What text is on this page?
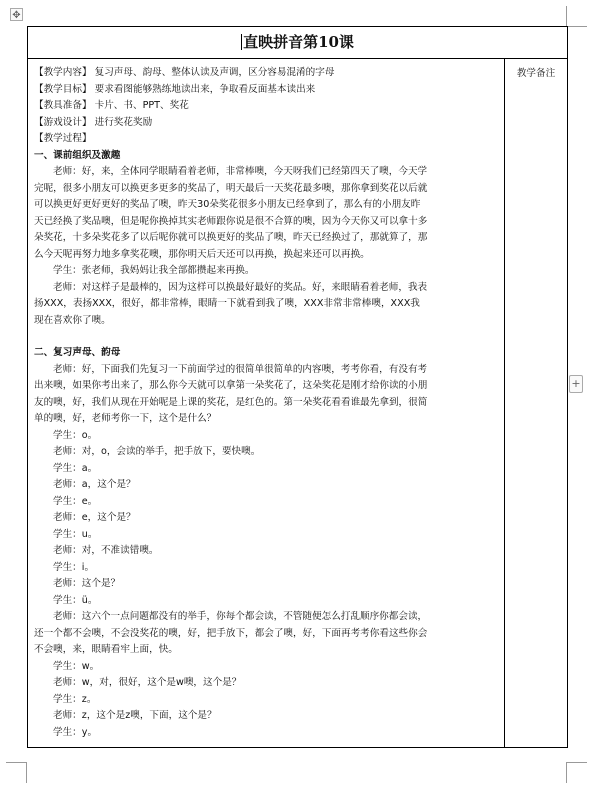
✥
+
直映拼音第10课
【教学内容】 复习声母、韵母、整体认读及声调，区分容易混淆的字母
【教学目标】 要求看图能够熟练地读出来，争取看反面基本读出来
【教具准备】 卡片、书、PPT、奖花
【游戏设计】 进行奖花奖励
【教学过程】
一、课前组织及激趣
老师：好，来，全体同学眼睛看着老师，非常棒噢，今天呀我们已经第四天了噢，今天学
完呢，很多小朋友可以换更多更多的奖品了，明天最后一天奖花最多噢，那你拿到奖花以后就
可以换更好更好更好的奖品了噢，昨天30朵奖花很多小朋友已经拿到了，那么有的小朋友昨
天已经换了奖品噢，但是呢你换掉其实老师跟你说是很不合算的噢，因为今天你又可以拿十多
朵奖花，十多朵奖花多了以后呢你就可以换更好的奖品了噢，昨天已经换过了，那就算了，那
么今天呢再努力地多拿奖花噢，那你明天后天还可以再换，换起来还可以再换。
学生：张老师，我妈妈让我全部都攒起来再换。
老师：对这样子是最棒的，因为这样可以换最好最好的奖品。好，来眼睛看着老师，我表
扬XXX，表扬XXX，很好，都非常棒，眼睛一下就看到我了噢，XXX非常非常棒噢，XXX我
现在喜欢你了噢。
二、复习声母、韵母
老师：好，下面我们先复习一下前面学过的很简单很简单的内容噢，考考你看，有没有考
出来噢，如果你考出来了，那么你今天就可以拿第一朵奖花了，这朵奖花是刚才给你读的小朋
友的噢，好，我们从现在开始呢是上课的奖花，是红色的。第一朵奖花看看谁最先拿到，很简
单的噢，好，老师考你一下，这个是什么？
学生：o。
老师：对，o，会读的举手，把手放下，要快噢。
学生：a。
老师：a，这个是？
学生：e。
老师：e，这个是？
学生：u。
老师：对，不准读错噢。
学生：i。
老师：这个是？
学生：ü。
老师：这六个一点问题都没有的举手，你每个都会读，不管随便怎么打乱顺序你都会读，
还一个都不会噢，不会没奖花的噢，好，把手放下，都会了噢，好，下面再考考你看这些你会
不会噢，来，眼睛看牢上面，快。
学生：w。
老师：w，对，很好，这个是w噢，这个是？
学生：z。
老师：z，这个是z噢，下面，这个是？
学生：y。
教学备注
